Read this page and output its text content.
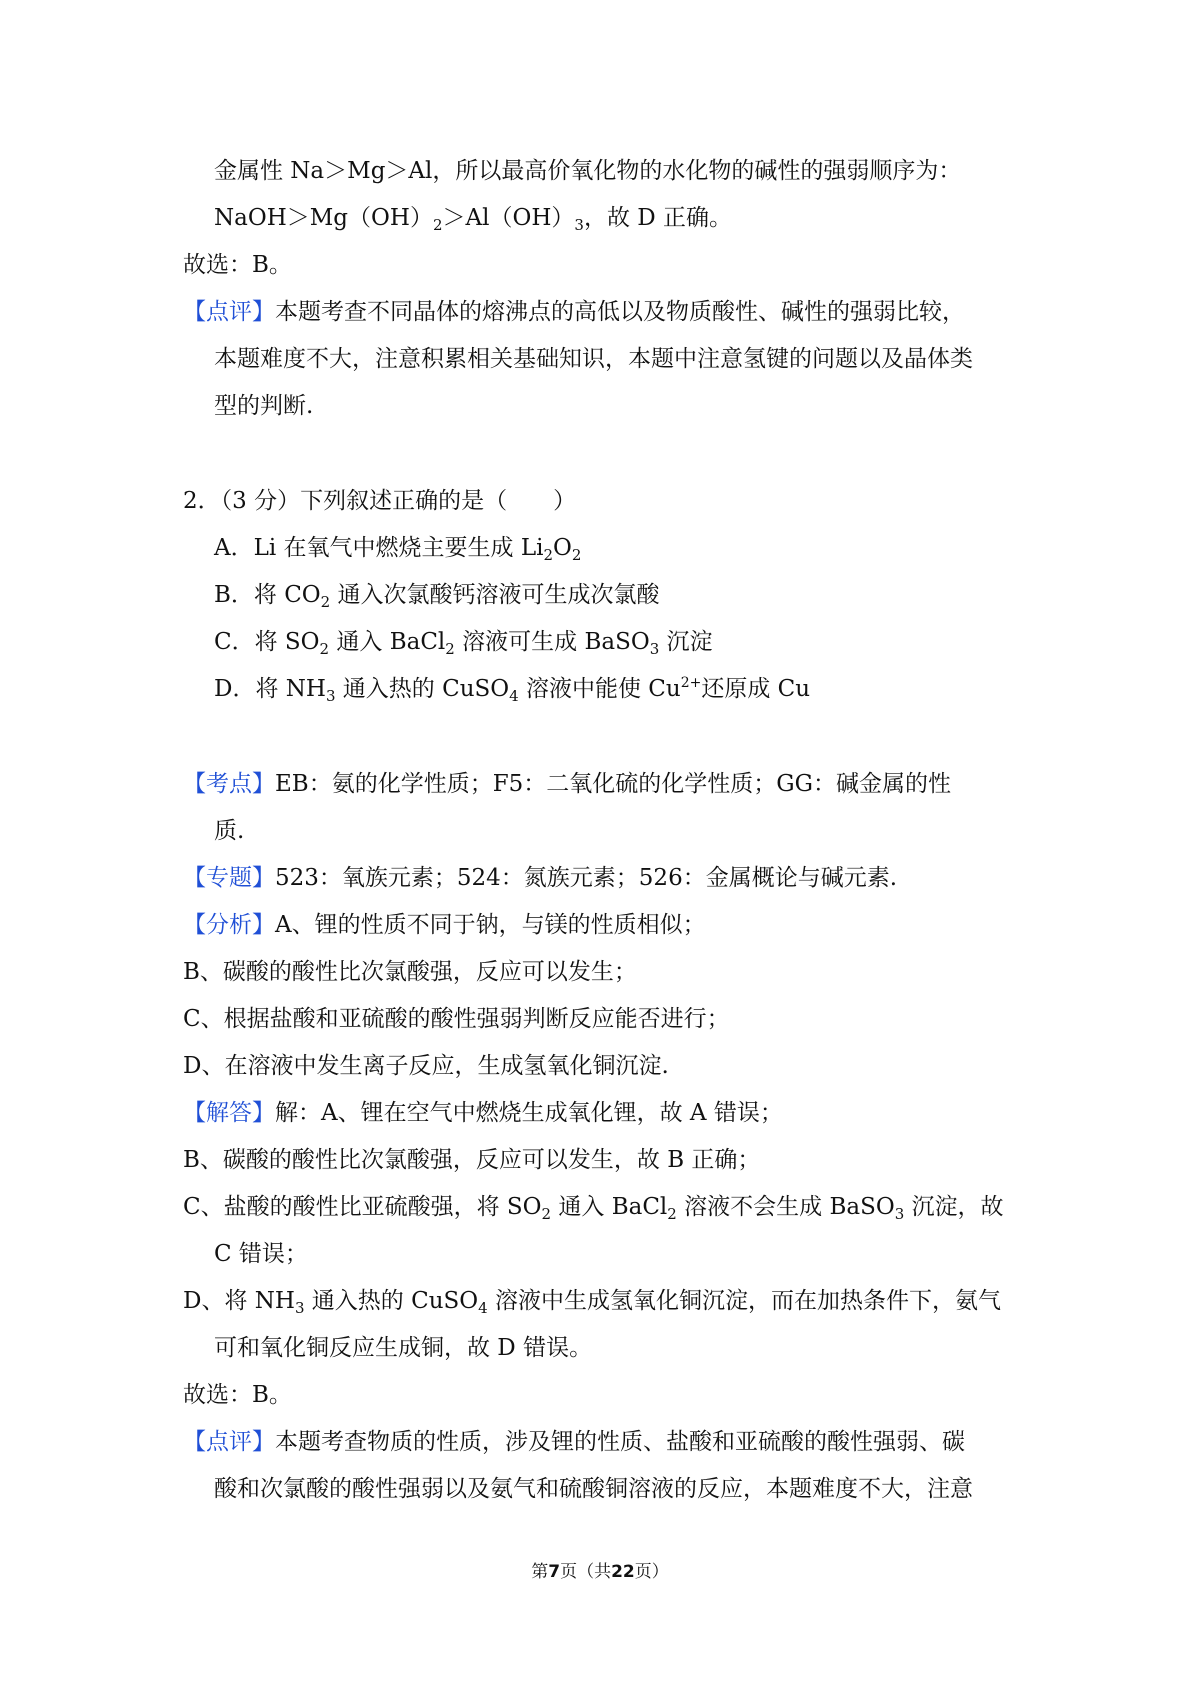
金属性 Na＞Mg＞Al，所以最高价氧化物的水化物的碱性的强弱顺序为：
$NaOH>Mg(OH)_2>Al(OH)_3$，故 D 正确。
故选：B。
【点评】本题考查不同晶体的熔沸点的高低以及物质酸性、碱性的强弱比较，
本题难度不大，注意积累相关基础知识，本题中注意氢键的问题以及晶体类
型的判断.
2．（3 分）下列叙述正确的是（　　）
A．Li 在氧气中燃烧主要生成 $Li_2O_2$
B．将 $CO_2$ 通入次氯酸钙溶液可生成次氯酸
C．将 $SO_2$ 通入 BaCl$_2$ 溶液可生成 BaSO$_3$ 沉淀
D．将 $NH_3$ 通入热的 CuSO$_4$ 溶液中能使 $Cu^{2+}$还原成 Cu
【考点】EB：氨的化学性质；F5：二氧化硫的化学性质；GG：碱金属的性
质.
【专题】523：氧族元素；524：氮族元素；526：金属概论与碱元素.
【分析】A、锂的性质不同于钠，与镁的性质相似；
B、碳酸的酸性比次氯酸强，反应可以发生；
C、根据盐酸和亚硫酸的酸性强弱判断反应能否进行；
D、在溶液中发生离子反应，生成氢氧化铜沉淀.
【解答】解：A、锂在空气中燃烧生成氧化锂，故 A 错误；
B、碳酸的酸性比次氯酸强，反应可以发生，故 B 正确；
C、盐酸的酸性比亚硫酸强，将 $SO_2$ 通入 BaCl$_2$ 溶液不会生成 BaSO$_3$ 沉淀，故
C 错误；
D、将 $NH_3$ 通入热的 CuSO$_4$ 溶液中生成氢氧化铜沉淀，而在加热条件下，氨气
可和氧化铜反应生成铜，故 D 错误。
故选：B。
【点评】本题考查物质的性质，涉及锂的性质、盐酸和亚硫酸的酸性强弱、碳
酸和次氯酸的酸性强弱以及氨气和硫酸铜溶液的反应，本题难度不大，注意
第7页（共22页）
